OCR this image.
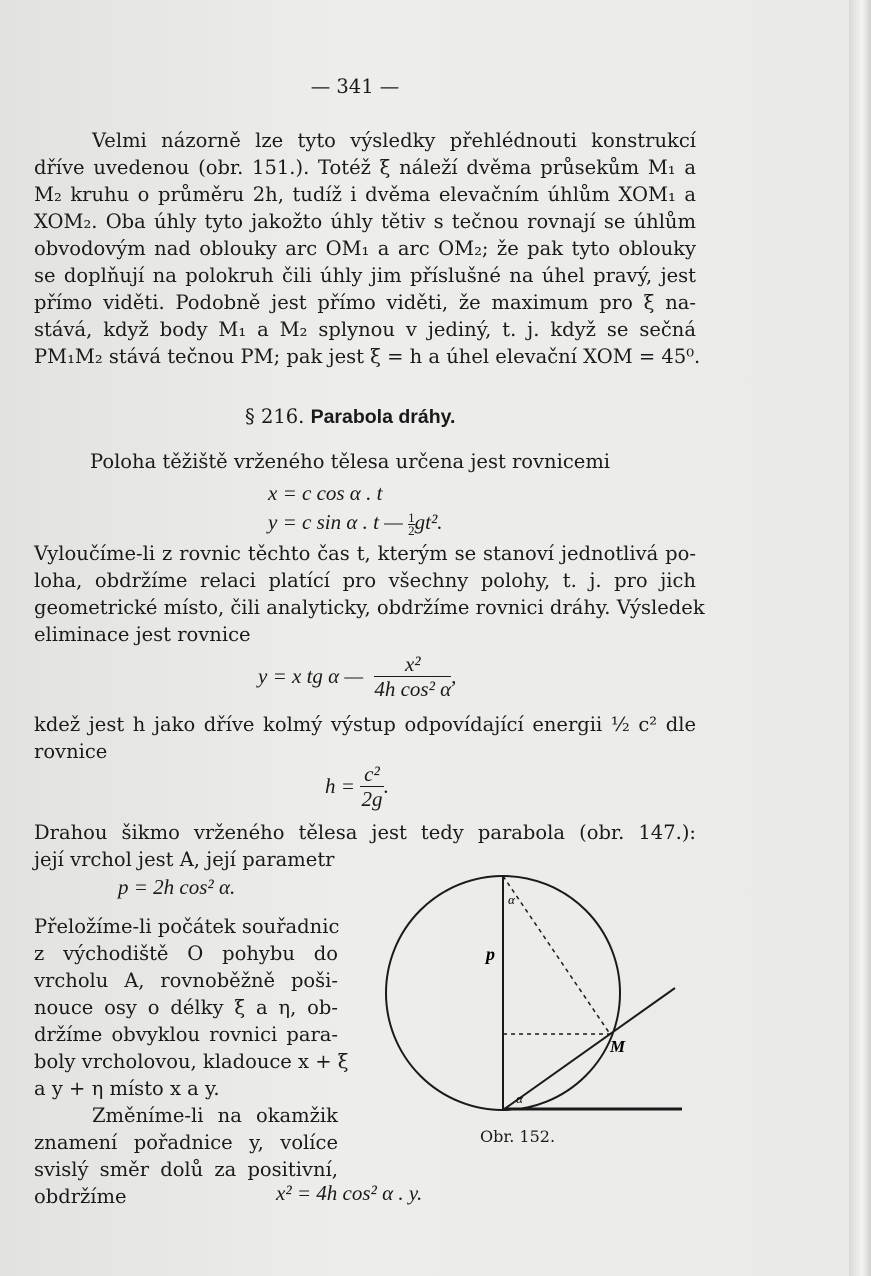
— 341 —
Velmi názorně lze tyto výsledky přehlédnouti konstrukcí
dříve uvedenou (obr. 151.). Totéž ξ náleží dvěma průsekům M₁ a
M₂ kruhu o průměru 2h, tudíž i dvěma elevačním úhlům XOM₁ a
XOM₂. Oba úhly tyto jakožto úhly tětiv s tečnou rovnají se úhlům
obvodovým nad oblouky arc OM₁ a arc OM₂; že pak tyto oblouky
se doplňují na polokruh čili úhly jim příslušné na úhel pravý, jest
přímo viděti. Podobně jest přímo viděti, že maximum pro ξ na-
stává, když body M₁ a M₂ splynou v jediný, t. j. když se sečná
PM₁M₂ stává tečnou PM; pak jest ξ = h a úhel elevační XOM = 45⁰.
§ 216. Parabola dráhy.
Poloha těžiště vrženého tělesa určena jest rovnicemi
x = c cos α . t
y = c sin α . t — $\frac{1}{2} gt^2$.
Vyloučíme-li z rovnic těchto čas t, kterým se stanoví jednotlivá po-
loha, obdržíme relaci platící pro všechny polohy, t. j. pro jich
geometrické místo, čili analyticky, obdržíme rovnici dráhy. Výsledek
eliminace jest rovnice
y = x tg α — $\frac{\text{x²}}{\text{4h cos² α}}$ ,
kdež jest h jako dříve kolmý výstup odpovídající energii ½ c² dle
rovnice
$h = \frac{\text{c²}}{2g}$ .
Drahou šikmo vrženého tělesa jest tedy parabola (obr. 147.):
její vrchol jest A, její parametr
p = 2h cos² α.
Přeložíme-li počátek souřadnic
z východiště O pohybu do
vrcholu A, rovnoběžně poši-
nouce osy o délky ξ a η, ob-
držíme obvyklou rovnici para-
boly vrcholovou, kladouce x + ξ
a y + η místo x a y.
Změníme-li na okamžik
znamení pořadnice y, volíce
svislý směr dolů za positivní,
obdržíme	x² = 4h cos² α . y.
α
α
p
M
Obr. 152.
